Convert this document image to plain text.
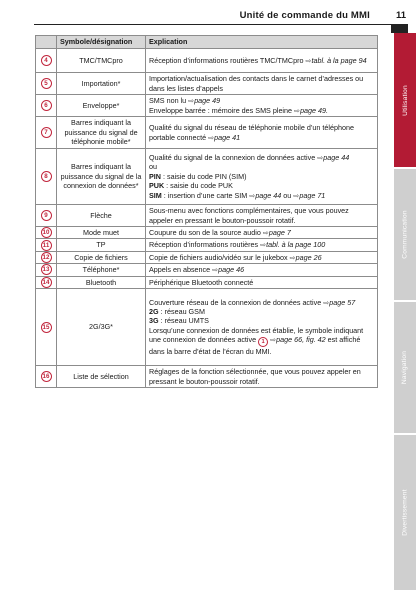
Unité de commande du MMI	11
Utilisation
Communication
Navigation
Divertissement
	Symbole/désignation	Explication
4	TMC/TMCpro	Réception d’informations routières TMC/TMCpro ⇨tabl. à la page 94
5	Importation*	Importation/actualisation des contacts dans le carnet d’adresses ou dans les listes d’appels
6	Enveloppe*	SMS non lu ⇨page 49
Enveloppe barrée : mémoire des SMS pleine ⇨page 49.

7	Barres indiquant la puissance du signal de téléphonie mobile*	Qualité du signal du réseau de téléphonie mobile d’un téléphone portable connecté ⇨page 41
8	Barres indiquant la puissance du signal de la connexion de données*	Qualité du signal de la connexion de données active ⇨page 44
ou
PIN : saisie du code PIN (SIM)
PUK : saisie du code PUK
SIM : insertion d’une carte SIM ⇨page 44 ou ⇨page 71

9	Flèche	Sous-menu avec fonctions complémentaires, que vous pouvez appeler en pressant le bouton-poussoir rotatif.
10	Mode muet	Coupure du son de la source audio ⇨page 7
11	TP	Réception d’informations routières ⇨tabl. à la page 100
12	Copie de fichiers	Copie de fichiers audio/vidéo sur le jukebox ⇨page 26
13	Téléphone*	Appels en absence ⇨page 46
14	Bluetooth	Périphérique Bluetooth connecté
15	2G/3G*	Couverture réseau de la connexion de données active ⇨page 57
2G : réseau GSM
3G : réseau UMTS
Lorsqu’une connexion de données est établie, le symbole indiquant une connexion de données active 1 ⇨page 66, fig. 42 est affiché dans la barre d’état de l’écran du MMI.

16	Liste de sélection	Réglages de la fonction sélectionnée, que vous pouvez appeler en pressant le bouton-poussoir rotatif.
